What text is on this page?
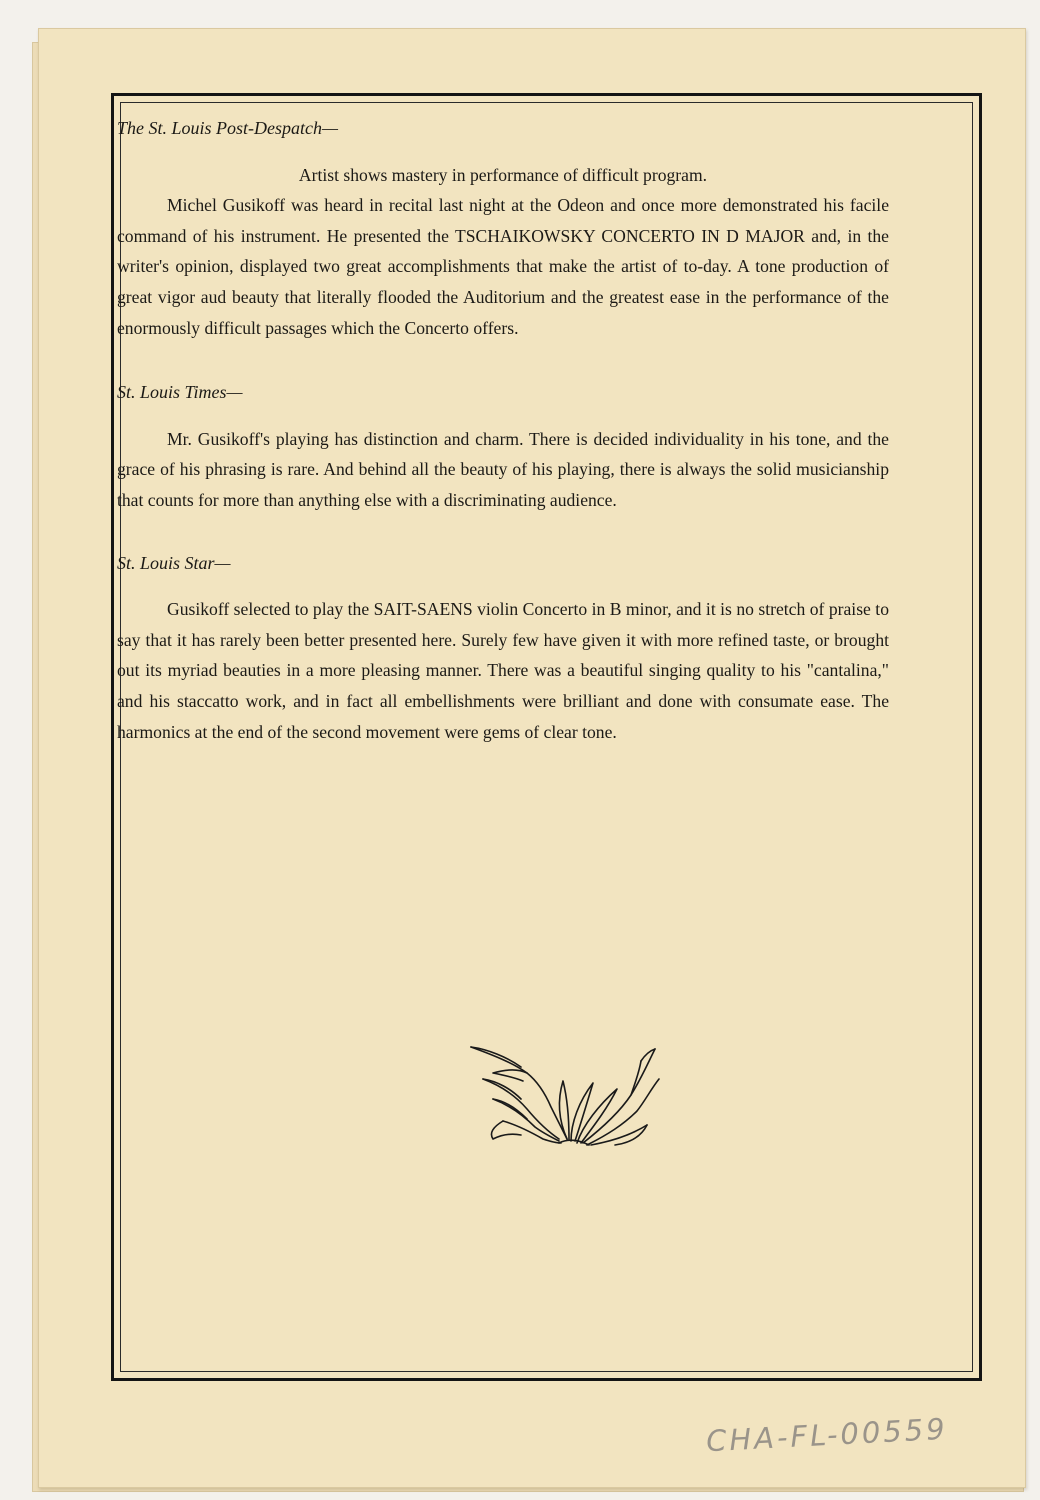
The St. Louis Post-Despatch—

Artist shows mastery in performance of difficult program.

Michel Gusikoff was heard in recital last night at the Odeon and once more demonstrated his facile command of his instrument. He presented the TSCHAIKOWSKY CONCERTO IN D MAJOR and, in the writer's opinion, displayed two great accomplishments that make the artist of to-day. A tone production of great vigor aud beauty that literally flooded the Auditorium and the greatest ease in the performance of the enormously difficult passages which the Concerto offers.

St. Louis Times—

Mr. Gusikoff's playing has distinction and charm. There is decided individuality in his tone, and the grace of his phrasing is rare. And behind all the beauty of his playing, there is always the solid musicianship that counts for more than anything else with a discriminating audience.

St. Louis Star—

Gusikoff selected to play the SAIT-SAENS violin Concerto in B minor, and it is no stretch of praise to say that it has rarely been better presented here. Surely few have given it with more refined taste, or brought out its myriad beauties in a more pleasing manner. There was a beautiful singing quality to his "cantalina," and his staccatto work, and in fact all embellishments were brilliant and done with consumate ease. The harmonics at the end of the second movement were gems of clear tone.

CHA-FL-00559
